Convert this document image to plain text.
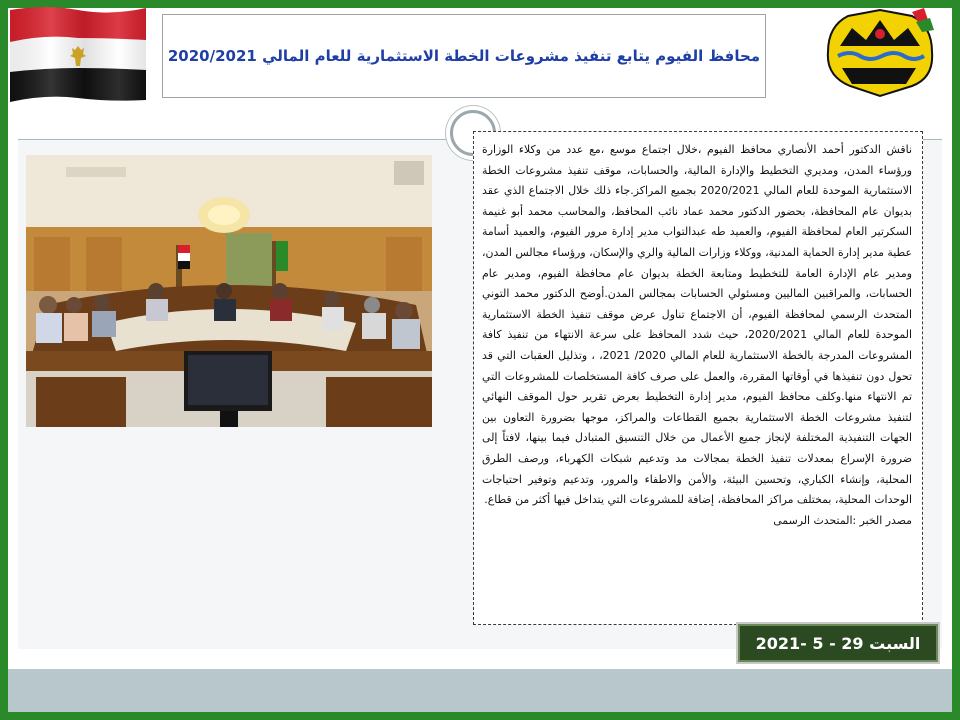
محافظ الفيوم يتابع تنفيذ مشروعات الخطة الاستثمارية للعام المالي 2020/2021

ناقش الدكتور أحمد الأنصاري محافظ الفيوم ،خلال اجتماع موسع ،مع عدد من وكلاء الوزارة ورؤساء المدن، ومديري التخطيط والإدارة المالية، والحسابات، موقف تنفيذ مشروعات الخطة الاستثمارية الموحدة للعام المالي 2020/2021 بجميع المراكز.جاء ذلك خلال الاجتماع الذي عقد بديوان عام المحافظة، بحضور الدكتور محمد عماد نائب المحافظ، والمحاسب محمد أبو غنيمة السكرتير العام لمحافظة الفيوم، والعميد طه عبدالتواب مدير إدارة مرور الفيوم، والعميد أسامة عطية مدير إدارة الحماية المدنية، ووكلاء وزارات المالية والري والإسكان، ورؤساء مجالس المدن، ومدير عام الإدارة العامة للتخطيط ومتابعة الخطة بديوان عام محافظة الفيوم، ومدير عام الحسابات، والمراقبين الماليين ومسئولي الحسابات بمجالس المدن.أوضح الدكتور محمد التوني المتحدث الرسمي لمحافظة الفيوم، أن الاجتماع تناول عرض موقف تنفيذ الخطة الاستثمارية الموحدة للعام المالي 2020/2021، حيث شدد المحافظ على سرعة الانتهاء من تنفيذ كافة المشروعات المدرجة بالخطة الاستثمارية للعام المالي 2020/ 2021، ، وتذليل العقبات التي قد تحول دون تنفيذها في أوقاتها المقررة، والعمل على صرف كافة المستخلصات للمشروعات التي تم الانتهاء منها.وكلف محافظ الفيوم، مدير إدارة التخطيط بعرض تقرير حول الموقف النهائي لتنفيذ مشروعات الخطة الاستثمارية بجميع القطاعات والمراكز، موجها بضرورة التعاون بين الجهات التنفيذية المختلفة لإنجاز جميع الأعمال من خلال التنسيق المتبادل فيما بينها، لافتاً إلى ضرورة الإسراع بمعدلات تنفيذ الخطة بمجالات مد وتدعيم شبكات الكهرباء، ورصف الطرق المحلية، وإنشاء الكباري، وتحسين البيئة، والأمن والاطفاء والمرور، وتدعيم وتوفير احتياجات الوحدات المحلية، بمختلف مراكز المحافظة، إضافة للمشروعات التي يتداخل فيها أكثر من قطاع.

مصدر الخبر :المتحدث الرسمى

السبت 29 - 5 -2021
